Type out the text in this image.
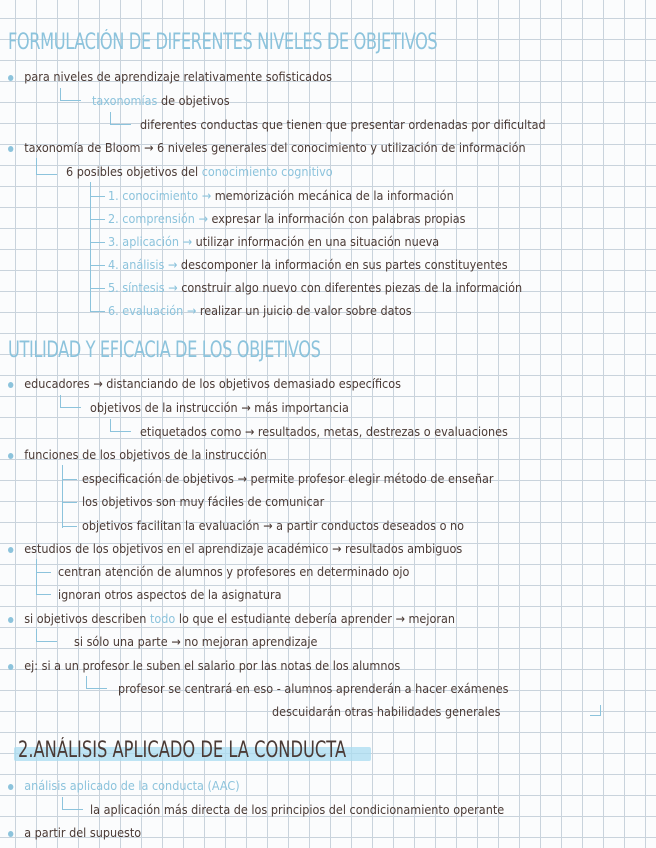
FORMULACIÓN DE DIFERENTES NIVELES DE OBJETIVOS
para niveles de aprendizaje relativamente sofisticados
taxonomías de objetivos
diferentes conductas que tienen que presentar ordenadas por dificultad
taxonomía de Bloom → 6 niveles generales del conocimiento y utilización de información
6 posibles objetivos del conocimiento cognitivo
1. conocimiento → memorización mecánica de la información
2. comprensión → expresar la información con palabras propias
3. aplicación → utilizar información en una situación nueva
4. análisis → descomponer la información en sus partes constituyentes
5. síntesis → construir algo nuevo con diferentes piezas de la información
6. evaluación → realizar un juicio de valor sobre datos
UTILIDAD Y EFICACIA DE LOS OBJETIVOS
educadores → distanciando de los objetivos demasiado específicos
objetivos de la instrucción → más importancia
etiquetados como → resultados, metas, destrezas o evaluaciones
funciones de los objetivos de la instrucción
especificación de objetivos → permite profesor elegir método de enseñar
los objetivos son muy fáciles de comunicar
objetivos facilitan la evaluación → a partir conductos deseados o no
estudios de los objetivos en el aprendizaje académico → resultados ambiguos
centran atención de alumnos y profesores en determinado ojo
ignoran otros aspectos de la asignatura
si objetivos describen todo lo que el estudiante debería aprender → mejoran
si sólo una parte → no mejoran aprendizaje
ej: si a un profesor le suben el salario por las notas de los alumnos
profesor se centrará en eso - alumnos aprenderán a hacer exámenes
descuidarán otras habilidades generales
2.ANÁLISIS APLICADO DE LA CONDUCTA
análisis aplicado de la conducta (AAC)
la aplicación más directa de los principios del condicionamiento operante
a partir del supuesto
